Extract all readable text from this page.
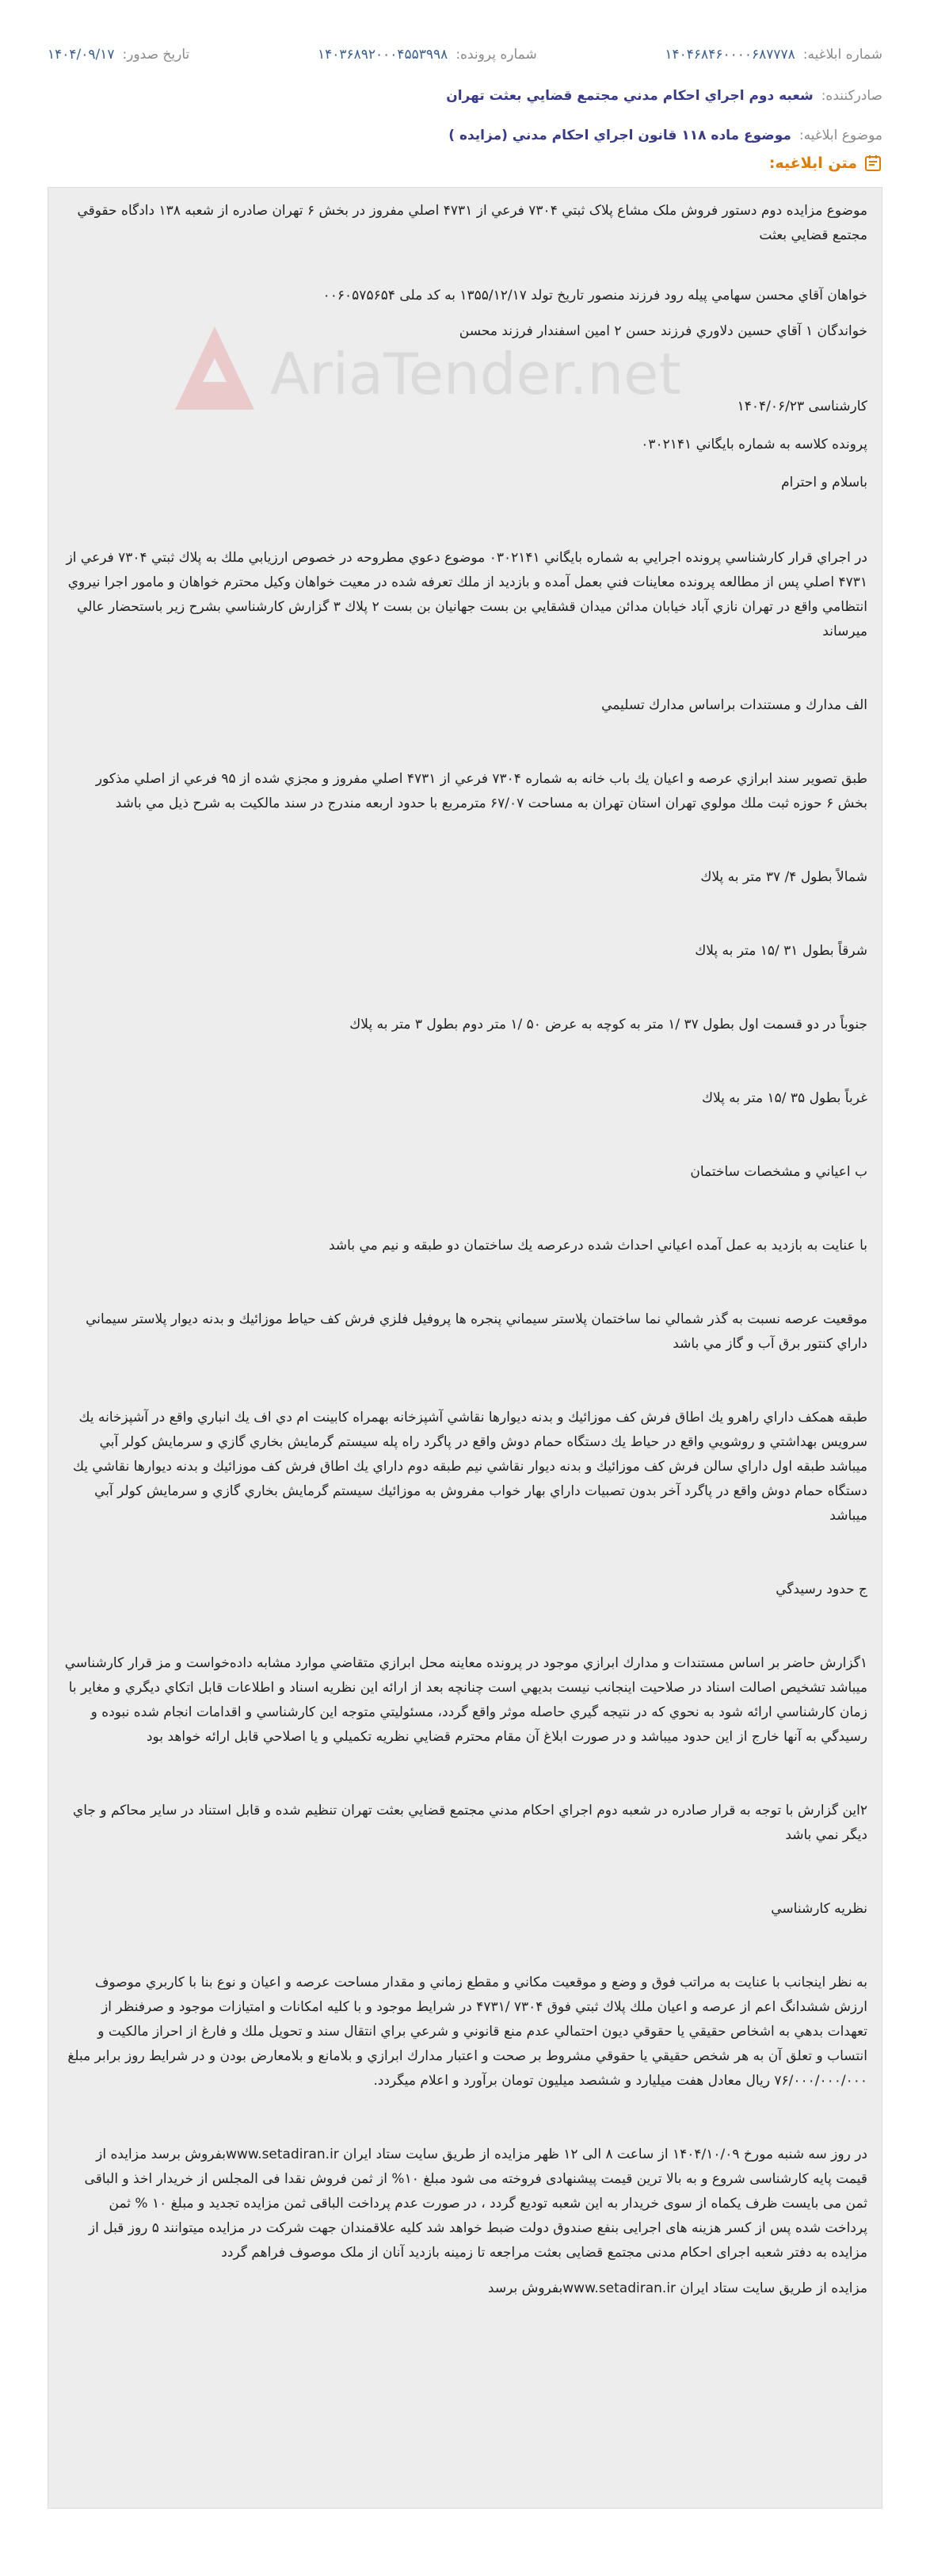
شماره ابلاغیه:
۱۴۰۴۶۸۴۶۰۰۰۰۶۸۷۷۷۸
شماره پرونده:
۱۴۰۳۶۸۹۲۰۰۰۴۵۵۳۹۹۸
تاریخ صدور:
۱۴۰۴/۰۹/۱۷
صادرکننده:
شعبه دوم اجراي احكام مدني مجتمع قضايي بعثت تهران
موضوع ابلاغیه:
موضوع ماده ۱۱۸ قانون اجراي احكام مدني (مزايده )
متن ابلاغیه:
AriaTender.net

موضوع مزايده دوم دستور فروش ملک مشاع پلاک ثبتي ۷۳۰۴ فرعي از ۴۷۳۱ اصلي مفروز در بخش ۶ تهران صادره از شعبه ۱۳۸ دادگاه حقوقي مجتمع قضايي بعثت

خواهان آقاي محسن سهامي پيله رود فرزند منصور تاريخ تولد ۱۳۵۵/۱۲/۱۷ به کد ملی ۰۰۶۰۵۷۵۶۵۴

خواندگان ۱ آقاي حسين دلاوري فرزند حسن ۲ امين اسفندار فرزند محسن

کارشناسی ۱۴۰۴/۰۶/۲۳

پرونده کلاسه به شماره بايگاني ۰۳۰۲۱۴۱

باسلام و احترام

در اجراي قرار کارشناسي پرونده اجرايي به شماره بايگاني ۰۳۰۲۱۴۱ موضوع دعوي مطروحه در خصوص ارزيابي ملك به پلاك ثبتي ۷۳۰۴ فرعي از ۴۷۳۱ اصلي پس از مطالعه پرونده معاينات فني بعمل آمده و بازديد از ملك تعرفه شده در معيت خواهان وكيل محترم خواهان و مامور اجرا نيروي انتظامي واقع در تهران نازي آباد خيابان مدائن ميدان قشقايي بن بست جهانيان بن بست ۲ پلاك ۳ گزارش كارشناسي بشرح زير باستحضار عالي ميرساند

الف مدارك و مستندات براساس مدارك تسليمي

طبق تصوير سند ابرازي عرصه و اعيان يك باب خانه به شماره ۷۳۰۴ فرعي از ۴۷۳۱ اصلي مفروز و مجزي شده از ۹۵ فرعي از اصلي مذكور بخش ۶ حوزه ثبت ملك مولوي تهران استان تهران به مساحت ۶۷/۰۷ مترمربع با حدود اربعه مندرج در سند مالكيت به شرح ذيل مي باشد

شمالاً بطول ۴/ ۳۷ متر به پلاك

شرقاً بطول ۳۱ /۱۵ متر به پلاك

جنوباً در دو قسمت اول بطول ۳۷ /۱ متر به كوچه به عرض ۵۰ /۱ متر دوم بطول ۳ متر به پلاك

غرباً بطول ۳۵ /۱۵ متر به پلاك

ب اعياني و مشخصات ساختمان

با عنايت به بازديد به عمل آمده اعياني احداث شده درعرصه يك ساختمان دو طبقه و نيم مي باشد

موقعيت عرصه نسبت به گذر شمالي نما ساختمان پلاستر سيماني پنجره ها پروفيل فلزي فرش كف حياط موزائيك و بدنه ديوار پلاستر سيماني داراي كنتور برق آب و گاز مي باشد

طبقه همكف داراي راهرو يك اطاق فرش كف موزائيك و بدنه ديوارها نقاشي آشپزخانه بهمراه كابينت ام دي اف يك انباري واقع در آشپزخانه يك سرويس بهداشتي و روشويي واقع در حياط يك دستگاه حمام دوش واقع در پاگرد راه پله سيستم گرمايش بخاري گازي و سرمايش كولر آبي ميباشد طبقه اول داراي سالن فرش كف موزائيك و بدنه ديوار نقاشي نيم طبقه دوم داراي يك اطاق فرش كف موزائيك و بدنه ديوارها نقاشي يك دستگاه حمام دوش واقع در پاگرد آخر بدون تصبيات داراي بهار خواب مفروش به موزائيك سيستم گرمايش بخاري گازي و سرمايش كولر آبي ميباشد

ج حدود رسيدگي

۱گزارش حاضر بر اساس مستندات و مدارك ابرازي موجود در پرونده معاينه محل ابرازي متقاضي موارد مشابه داده‌خواست و مز قرار كارشناسي ميباشد تشخيص اصالت اسناد در صلاحيت اينجانب نيست بديهي است چنانچه بعد از ارائه اين نظريه اسناد و اطلاعات قابل اتكاي ديگري و مغاير با زمان كارشناسي ارائه شود به نحوي كه در نتيجه گيري حاصله موثر واقع گردد، مسئوليتي متوجه اين كارشناسي و اقدامات انجام شده نبوده و رسيدگي به آنها خارج از اين حدود ميباشد و در صورت ابلاغ آن مقام محترم قضايي نظريه تكميلي و يا اصلاحي قابل ارائه خواهد بود

۲اين گزارش با توجه به قرار صادره در شعبه دوم اجراي احكام مدني مجتمع قضايي بعثت تهران تنظيم شده و قابل استناد در ساير محاكم و جاي ديگر نمي باشد

نظريه كارشناسي

به نظر اينجانب با عنايت به مراتب فوق و وضع و موقعيت مكاني و مقطع زماني و مقدار مساحت عرصه و اعيان و نوع بنا با كاربري موصوف ارزش ششدانگ اعم از عرصه و اعيان ملك پلاك ثبتي فوق ۷۳۰۴ /۴۷۳۱ در شرايط موجود و با كليه امكانات و امتيازات موجود و صرفنظر از تعهدات بدهي به اشخاص حقيقي يا حقوقي ديون احتمالي عدم منع قانوني و شرعي براي انتقال سند و تحويل ملك و فارغ از احراز مالكيت و انتساب و تعلق آن به هر شخص حقيقي يا حقوقي مشروط بر صحت و اعتبار مدارك ابرازي و بلامانع و بلامعارض بودن و در شرايط روز برابر مبلغ ۷۶/۰۰۰/۰۰۰/۰۰۰ ريال معادل هفت ميليارد و ششصد ميليون تومان برآورد و اعلام ميگردد.

در روز سه شنبه مورخ ۱۴۰۴/۱۰/۰۹ از ساعت ۸ الی ۱۲ ظهر مزایده از طریق سایت ستاد ایران www.setadiran.irبفروش برسد مزایده از قیمت پایه کارشناسی شروع و به بالا ترین قیمت پیشنهادی فروخته می شود مبلغ ۱۰% از ثمن فروش نقدا فی المجلس از خریدار اخذ و الباقی ثمن می بایست ظرف یکماه از سوی خریدار به این شعبه تودیع گردد ، در صورت عدم پرداخت الباقی ثمن مزایده تجدید و مبلغ ۱۰ % ثمن پرداخت شده پس از کسر هزینه های اجرایی بنفع صندوق دولت ضبط خواهد شد کلیه علاقمندان جهت شرکت در مزایده میتوانند ۵ روز قبل از مزایده به دفتر شعبه اجرای احکام مدنی مجتمع قضایی بعثت مراجعه تا زمینه بازدید آنان از ملک موصوف فراهم گردد

مزایده از طریق سایت ستاد ایران www.setadiran.irبفروش برسد
